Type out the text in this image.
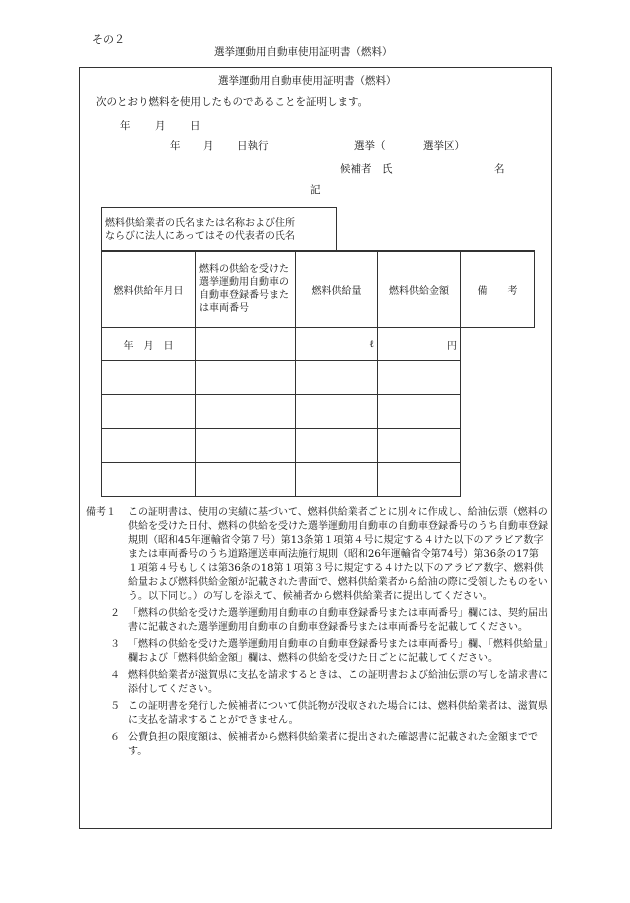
その２
選挙運動用自動車使用証明書（燃料）
選挙運動用自動車使用証明書（燃料）
次のとおり燃料を使用したものであることを証明します。
年 月 日
年 月 日執行	選挙（	選挙区）
候補者　氏	名
記
燃料供給業者の氏名または名称および住所
ならびに法人にあってはその代表者の氏名

燃料供給年月日	燃料の供給を受けた選挙運動用自動車の自動車登録番号または車両番号	燃料供給量	燃料供給金額	備　　考
年　月　日		ℓ	円	

備考１	この証明書は、使用の実績に基づいて、燃料供給業者ごとに別々に作成し、給油伝票（燃料の供給を受けた日付、燃料の供給を受けた選挙運動用自動車の自動車登録番号のうち自動車登録規則（昭和45年運輸省令第７号）第13条第１項第４号に規定する４けた以下のアラビア数字または車両番号のうち道路運送車両法施行規則（昭和26年運輸省令第74号）第36条の17第１項第４号もしくは第36条の18第１項第３号に規定する４けた以下のアラビア数字、燃料供給量および燃料供給金額が記載された書面で、燃料供給業者から給油の際に受領したものをいう。以下同じ。）の写しを添えて、候補者から燃料供給業者に提出してください。
２ 「燃料の供給を受けた選挙運動用自動車の自動車登録番号または車両番号」欄には、契約届出書に記載された選挙運動用自動車の自動車登録番号または車両番号を記載してください。
３ 「燃料の供給を受けた選挙運動用自動車の自動車登録番号または車両番号」欄、「燃料供給量」欄および「燃料供給金額」欄は、燃料の供給を受けた日ごとに記載してください。
４ 燃料供給業者が滋賀県に支払を請求するときは、この証明書および給油伝票の写しを請求書に添付してください。
５ この証明書を発行した候補者について供託物が没収された場合には、燃料供給業者は、滋賀県に支払を請求することができません。
６ 公費負担の限度額は、候補者から燃料供給業者に提出された確認書に記載された金額までです。
